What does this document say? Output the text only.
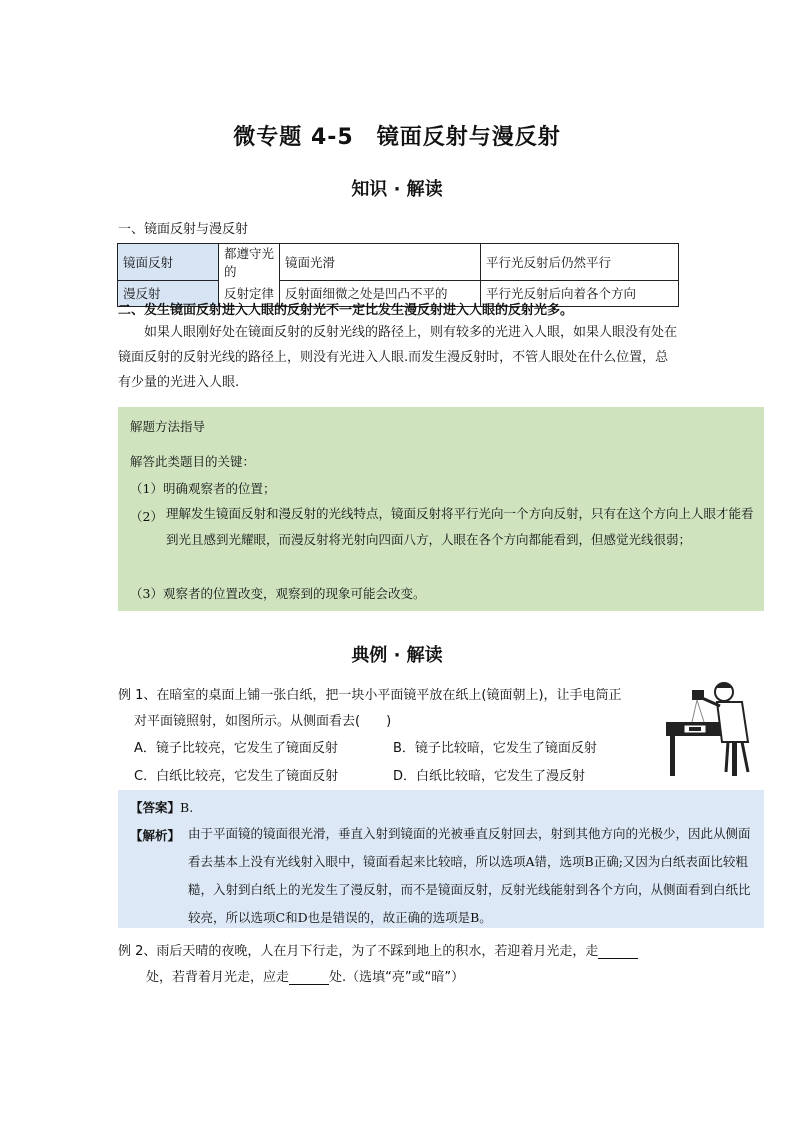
微专题 4-5　镜面反射与漫反射
知识 · 解读
一、镜面反射与漫反射
镜面反射	都遵守光的	镜面光滑	平行光反射后仍然平行
漫反射	反射定律	反射面细微之处是凹凸不平的	平行光反射后向着各个方向
二、发生镜面反射进入人眼的反射光不一定比发生漫反射进入人眼的反射光多。
如果人眼刚好处在镜面反射的反射光线的路径上，则有较多的光进入人眼，如果人眼没有处在镜面反射的反射光线的路径上，则没有光进入人眼.而发生漫反射时，不管人眼处在什么位置，总有少量的光进入人眼.
解题方法指导
解答此类题目的关键：
（1）明确观察者的位置；
（2） 理解发生镜面反射和漫反射的光线特点，镜面反射将平行光向一个方向反射，只有在这个方向上人眼才能看到光且感到光耀眼，而漫反射将光射向四面八方，人眼在各个方向都能看到，但感觉光线很弱；
（3）观察者的位置改变，观察到的现象可能会改变。
典例 · 解读
例 1、在暗室的桌面上铺一张白纸，把一块小平面镜平放在纸上(镜面朝上)，让手电筒正
对平面镜照射，如图所示。从侧面看去(　　)
A．镜子比较亮，它发生了镜面反射	B．镜子比较暗，它发生了镜面反射
C．白纸比较亮，它发生了镜面反射	D．白纸比较暗，它发生了漫反射
【答案】B.
【解析】 由于平面镜的镜面很光滑，垂直入射到镜面的光被垂直反射回去，射到其他方向的光极少，因此从侧面看去基本上没有光线射入眼中，镜面看起来比较暗，所以选项A错，选项B正确;又因为白纸表面比较粗糙，入射到白纸上的光发生了漫反射，而不是镜面反射，反射光线能射到各个方向，从侧面看到白纸比较亮，所以选项C和D也是错误的，故正确的选项是B。
例 2、雨后天晴的夜晚，人在月下行走，为了不踩到地上的积水，若迎着月光走，走
处，若背着月光走，应走	处.（选填“亮”或“暗”）
